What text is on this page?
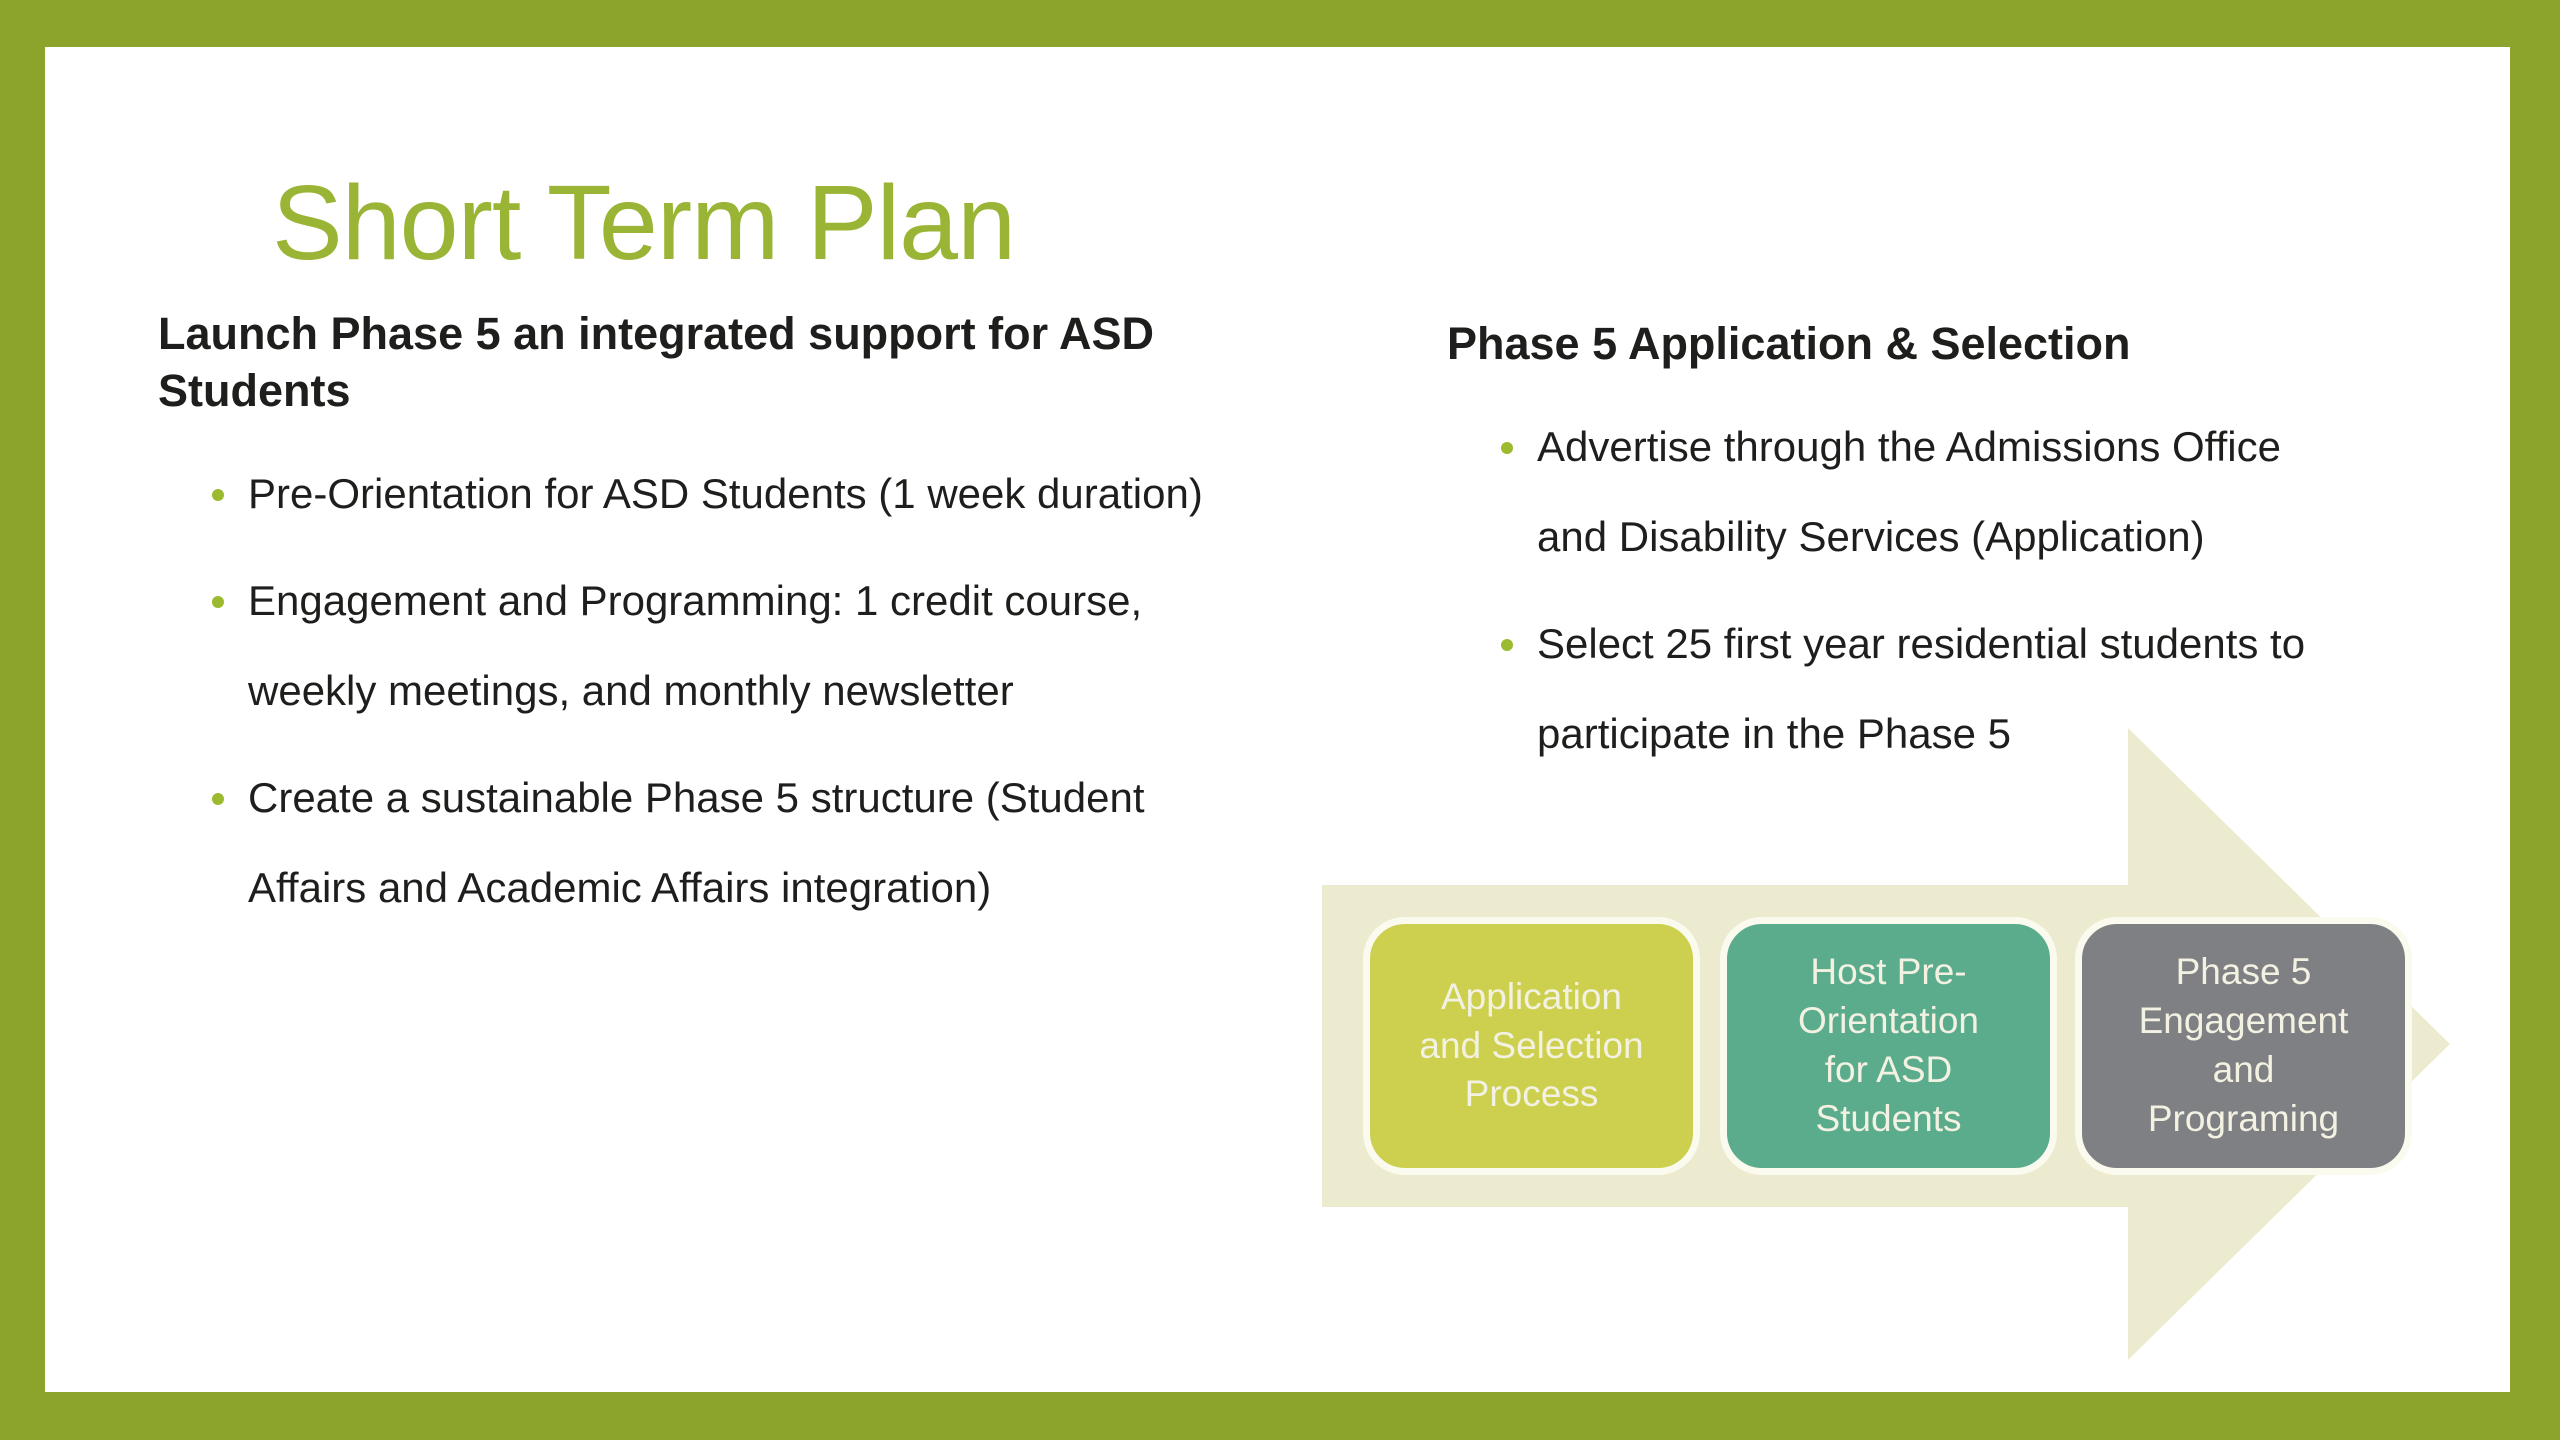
Short Term Plan
Launch Phase 5 an integrated support for ASD
Students
Pre-Orientation for ASD Students (1 week duration)
Engagement and Programming: 1 credit course,
weekly meetings, and monthly newsletter
Create a sustainable Phase 5 structure (Student
Affairs and Academic Affairs integration)
Phase 5 Application & Selection
Advertise through the Admissions Office
and Disability Services (Application)
Select 25 first year residential students to
participate in the Phase 5
Application
and Selection
Process
Host Pre-
Orientation
for ASD
Students
Phase 5
Engagement
and
Programing
